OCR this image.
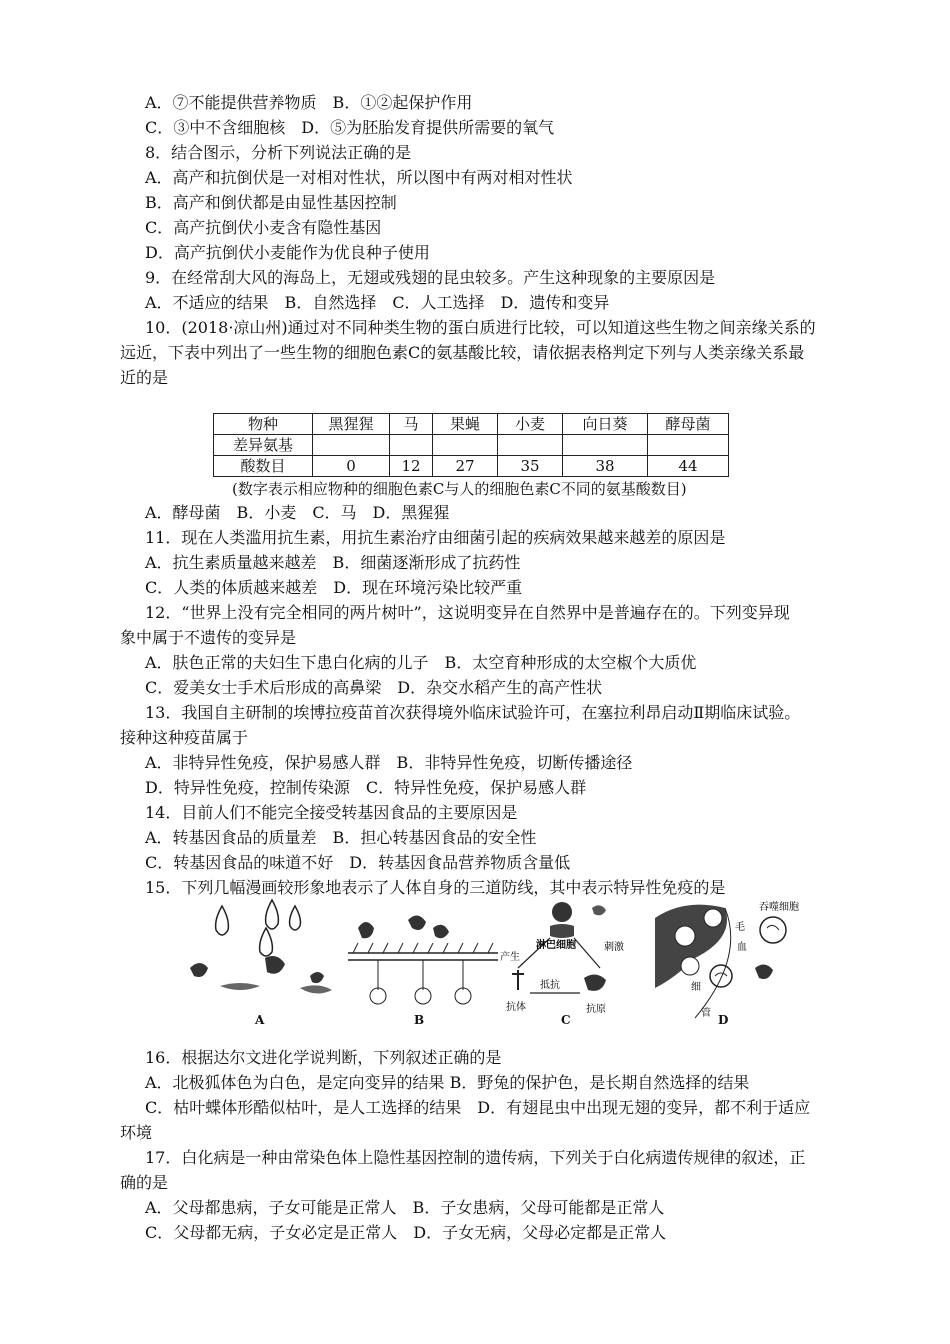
A．⑦不能提供营养物质　B．①②起保护作用
C．③中不含细胞核　D．⑤为胚胎发育提供所需要的氧气
8．结合图示，分析下列说法正确的是
A．高产和抗倒伏是一对相对性状，所以图中有两对相对性状
B．高产和倒伏都是由显性基因控制
C．高产抗倒伏小麦含有隐性基因
D．高产抗倒伏小麦能作为优良种子使用
9．在经常刮大风的海岛上，无翅或残翅的昆虫较多。产生这种现象的主要原因是
A．不适应的结果　B．自然选择　C．人工选择　D．遗传和变异
10．(2018·凉山州)通过对不同种类生物的蛋白质进行比较，可以知道这些生物之间亲缘关系的
远近，下表中列出了一些生物的细胞色素C的氨基酸比较，请依据表格判定下列与人类亲缘关系最
近的是
物种	黑猩猩	马	果蝇	小麦	向日葵	酵母菌
差异氨基						
酸数目	0	12	27	35	38	44
(数字表示相应物种的细胞色素C与人的细胞色素C不同的氨基酸数目)
A．酵母菌　B．小麦　C．马　D．黑猩猩
11．现在人类滥用抗生素，用抗生素治疗由细菌引起的疾病效果越来越差的原因是
A．抗生素质量越来越差　B．细菌逐渐形成了抗药性
C．人类的体质越来越差　D．现在环境污染比较严重
12．“世界上没有完全相同的两片树叶”，这说明变异在自然界中是普遍存在的。下列变异现
象中属于不遗传的变异是
A．肤色正常的夫妇生下患白化病的儿子　B．太空育种形成的太空椒个大质优
C．爱美女士手术后形成的高鼻梁　D．杂交水稻产生的高产性状
13．我国自主研制的埃博拉疫苗首次获得境外临床试验许可，在塞拉利昂启动Ⅱ期临床试验。
接种这种疫苗属于
A．非特异性免疫，保护易感人群　B．非特异性免疫，切断传播途径
D．特异性免疫，控制传染源　C．特异性免疫，保护易感人群
14．目前人们不能完全接受转基因食品的主要原因是
A．转基因食品的质量差　B．担心转基因食品的安全性
C．转基因食品的味道不好　D．转基因食品营养物质含量低
15．下列几幅漫画较形象地表示了人体自身的三道防线，其中表示特异性免疫的是
A	B
产生
淋巴细胞	刺激
抗体
抵抗
抗原
C
吞噬细胞
毛
血
细
管 D
16．根据达尔文进化学说判断，下列叙述正确的是
A．北极狐体色为白色，是定向变异的结果 B．野兔的保护色，是长期自然选择的结果
C．枯叶蝶体形酷似枯叶，是人工选择的结果　D．有翅昆虫中出现无翅的变异，都不利于适应
环境
17．白化病是一种由常染色体上隐性基因控制的遗传病，下列关于白化病遗传规律的叙述，正
确的是
A．父母都患病，子女可能是正常人　B．子女患病，父母可能都是正常人
C．父母都无病，子女必定是正常人　D．子女无病，父母必定都是正常人
